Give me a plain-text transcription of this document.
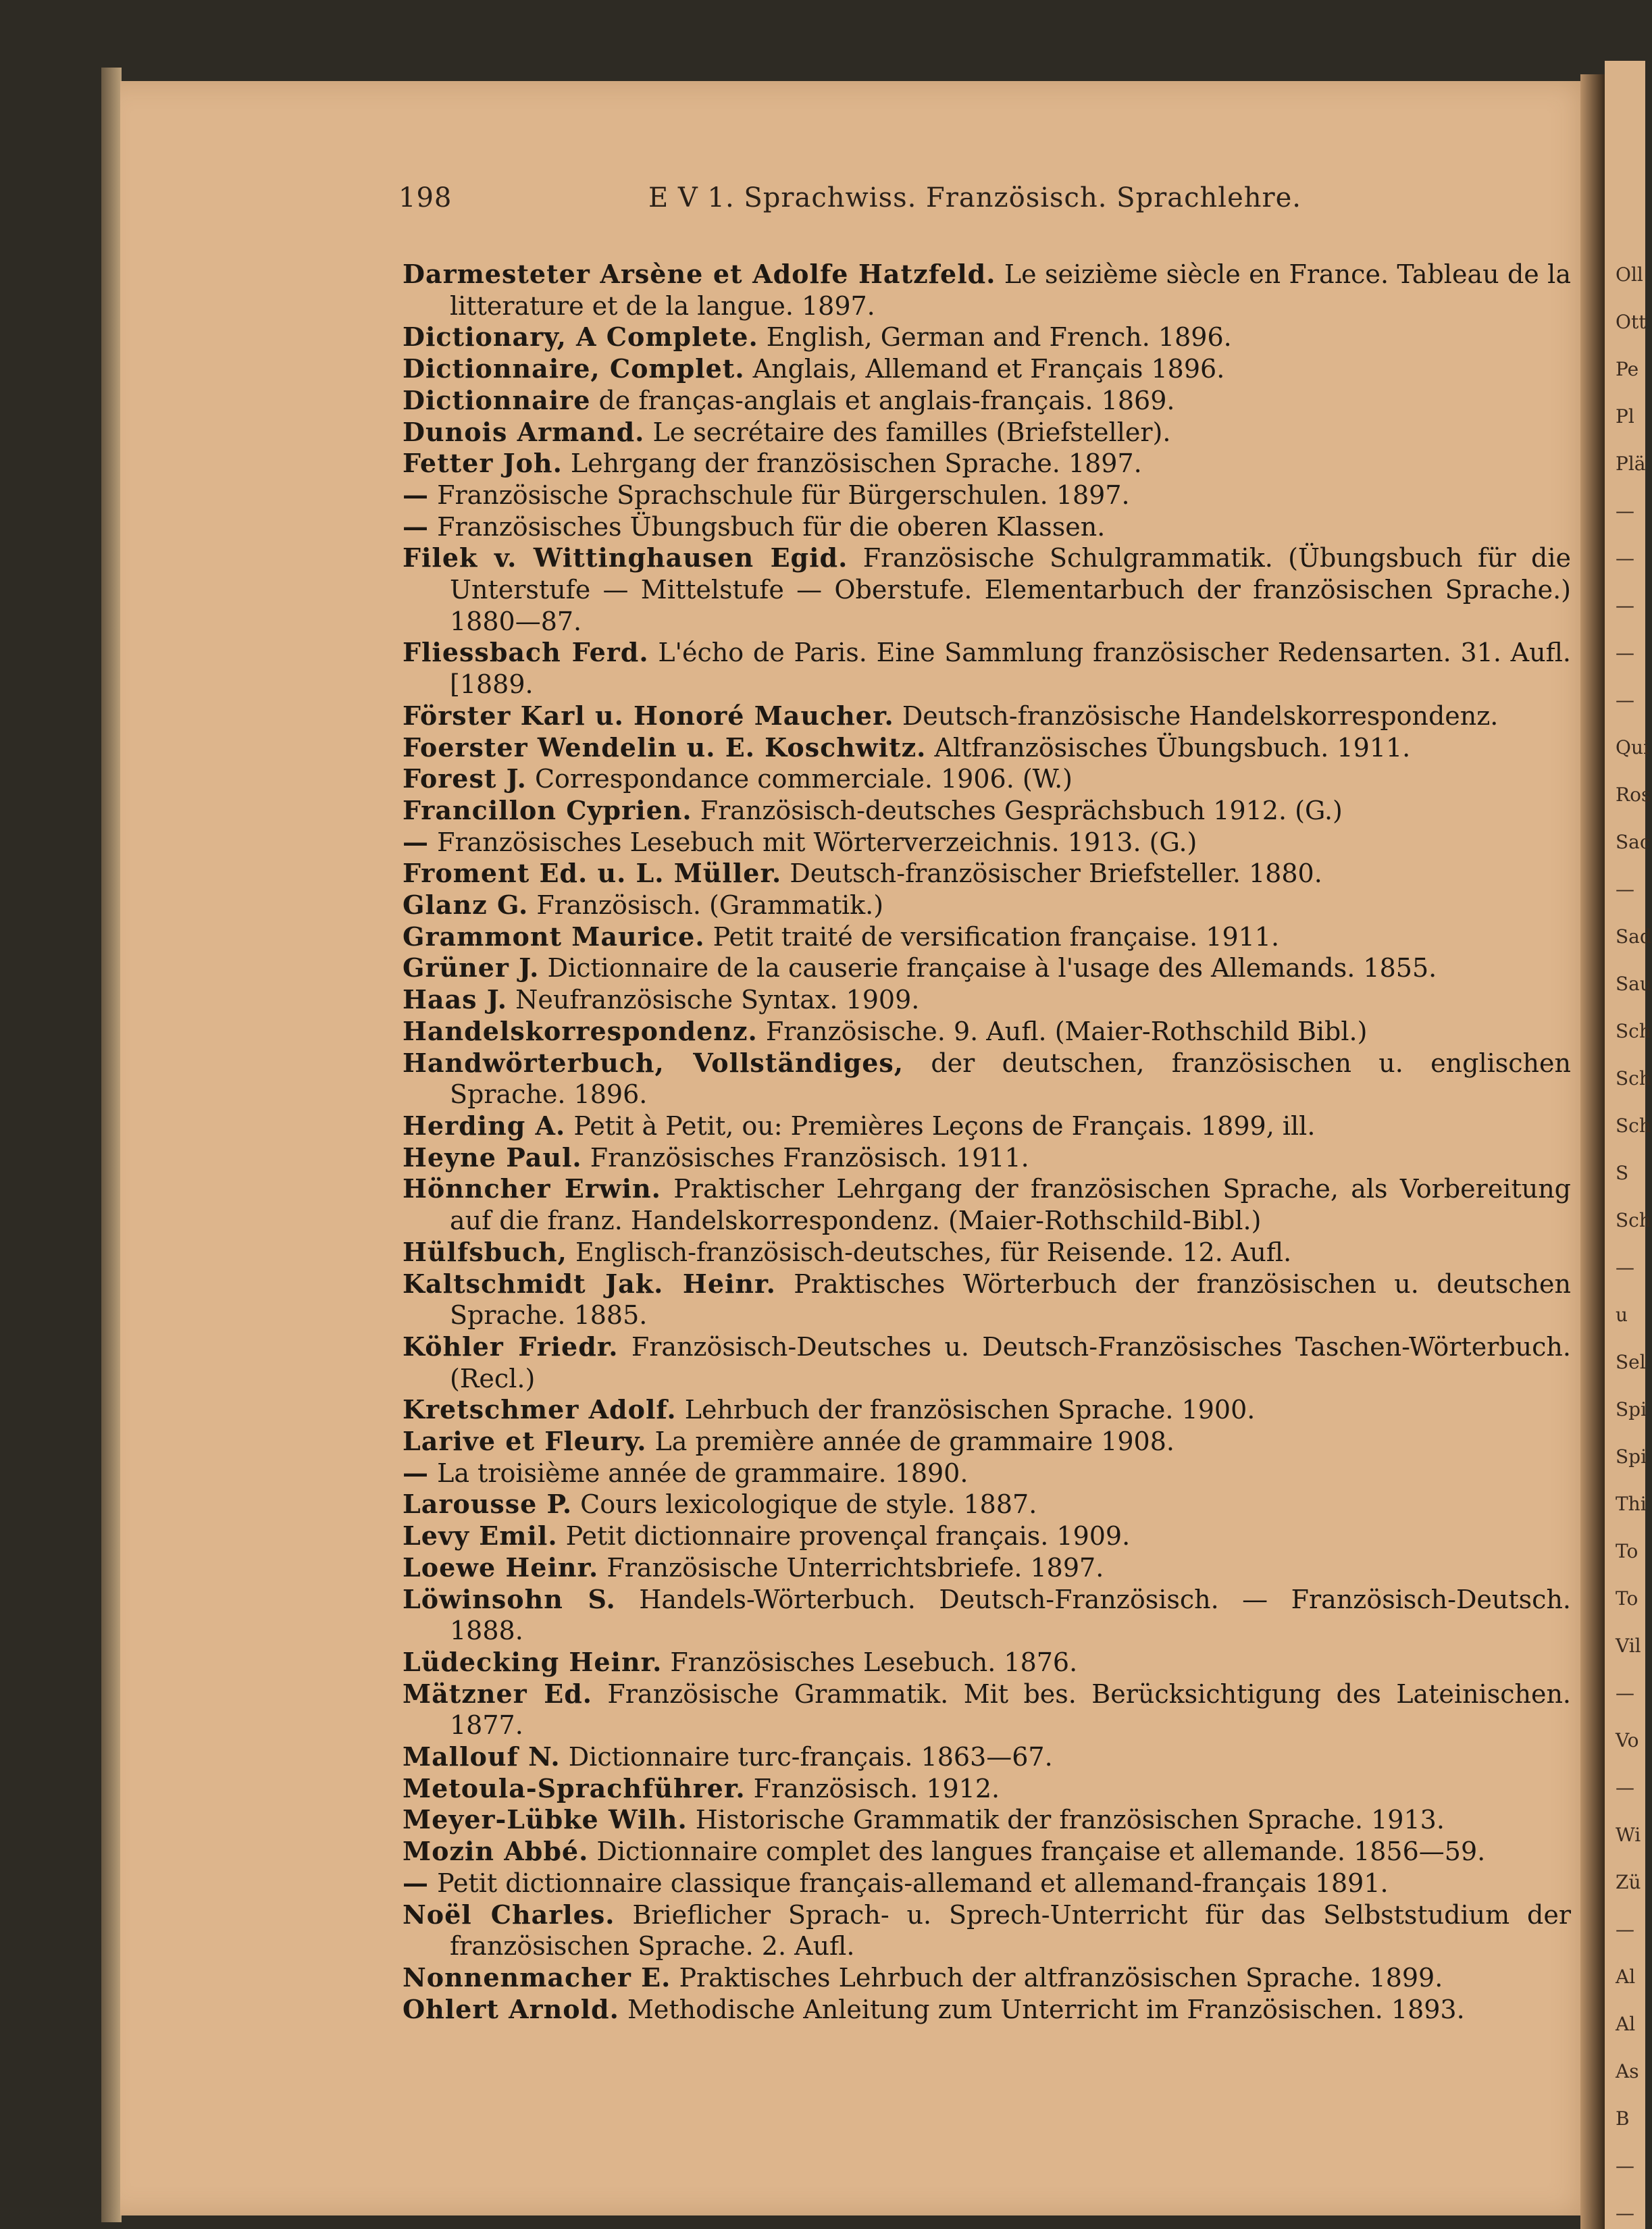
Oll
Ott
Pe
Pl
Plä
—
—
—
—
—
Qui
Ros
Sac
—
Sad
Sau
Sch
Sch
Sch
S
Sch
—
u
Sel
Spi
Spi
Thi
To
To
Vil
—
Vo
—
Wi
Zü
—
Al
Al
As
B
—
—
198	E V 1. Sprachwiss. Französisch. Sprachlehre.

Darmesteter Arsène et Adolfe Hatzfeld. Le seizième siècle en France. Tableau de la litterature et de la langue. 1897.

Dictionary, A Complete. English, German and French. 1896.

Dictionnaire, Complet. Anglais, Allemand et Français 1896.

Dictionnaire de franças-anglais et anglais-français. 1869.

Dunois Armand. Le secrétaire des familles (Briefsteller).

Fetter Joh. Lehrgang der französischen Sprache. 1897.

— Französische Sprachschule für Bürgerschulen. 1897.

— Französisches Übungsbuch für die oberen Klassen.

Filek v. Wittinghausen Egid. Französische Schulgrammatik. (Übungsbuch für die Unterstufe — Mittelstufe — Oberstufe. Elementarbuch der französischen Sprache.) 1880—87.

Fliessbach Ferd. L'écho de Paris. Eine Sammlung französischer Redensarten. 31. Aufl. [1889.

Förster Karl u. Honoré Maucher. Deutsch-französische Handelskorrespondenz.

Foerster Wendelin u. E. Koschwitz. Altfranzösisches Übungsbuch. 1911.

Forest J. Correspondance commerciale. 1906. (W.)

Francillon Cyprien. Französisch-deutsches Gesprächsbuch 1912. (G.)

— Französisches Lesebuch mit Wörterverzeichnis. 1913. (G.)

Froment Ed. u. L. Müller. Deutsch-französischer Briefsteller. 1880.

Glanz G. Französisch. (Grammatik.)

Grammont Maurice. Petit traité de versification française. 1911.

Grüner J. Dictionnaire de la causerie française à l'usage des Allemands. 1855.

Haas J. Neufranzösische Syntax. 1909.

Handelskorrespondenz. Französische. 9. Aufl. (Maier-Rothschild Bibl.)

Handwörterbuch, Vollständiges, der deutschen, französischen u. englischen Sprache. 1896.

Herding A. Petit à Petit, ou: Premières Leçons de Français. 1899, ill.

Heyne Paul. Französisches Französisch. 1911.

Hönncher Erwin. Praktischer Lehrgang der französischen Sprache, als Vorbereitung auf die franz. Handelskorrespondenz. (Maier-Rothschild-Bibl.)

Hülfsbuch, Englisch-französisch-deutsches, für Reisende. 12. Aufl.

Kaltschmidt Jak. Heinr. Praktisches Wörterbuch der französischen u. deutschen Sprache. 1885.

Köhler Friedr. Französisch-Deutsches u. Deutsch-Französisches Taschen-Wörterbuch. (Recl.)

Kretschmer Adolf. Lehrbuch der französischen Sprache. 1900.

Larive et Fleury. La première année de grammaire 1908.

— La troisième année de grammaire. 1890.

Larousse P. Cours lexicologique de style. 1887.

Levy Emil. Petit dictionnaire provençal français. 1909.

Loewe Heinr. Französische Unterrichtsbriefe. 1897.

Löwinsohn S. Handels-Wörterbuch. Deutsch-Französisch. — Französisch-Deutsch. 1888.

Lüdecking Heinr. Französisches Lesebuch. 1876.

Mätzner Ed. Französische Grammatik. Mit bes. Berücksichtigung des Lateinischen. 1877.

Mallouf N. Dictionnaire turc-français. 1863—67.

Metoula-Sprachführer. Französisch. 1912.

Meyer-Lübke Wilh. Historische Grammatik der französischen Sprache. 1913.

Mozin Abbé. Dictionnaire complet des langues française et allemande. 1856—59.

— Petit dictionnaire classique français-allemand et allemand-français 1891.

Noël Charles. Brieflicher Sprach- u. Sprech-Unterricht für das Selbststudium der französischen Sprache. 2. Aufl.

Nonnenmacher E. Praktisches Lehrbuch der altfranzösischen Sprache. 1899.

Ohlert Arnold. Methodische Anleitung zum Unterricht im Französischen. 1893.
